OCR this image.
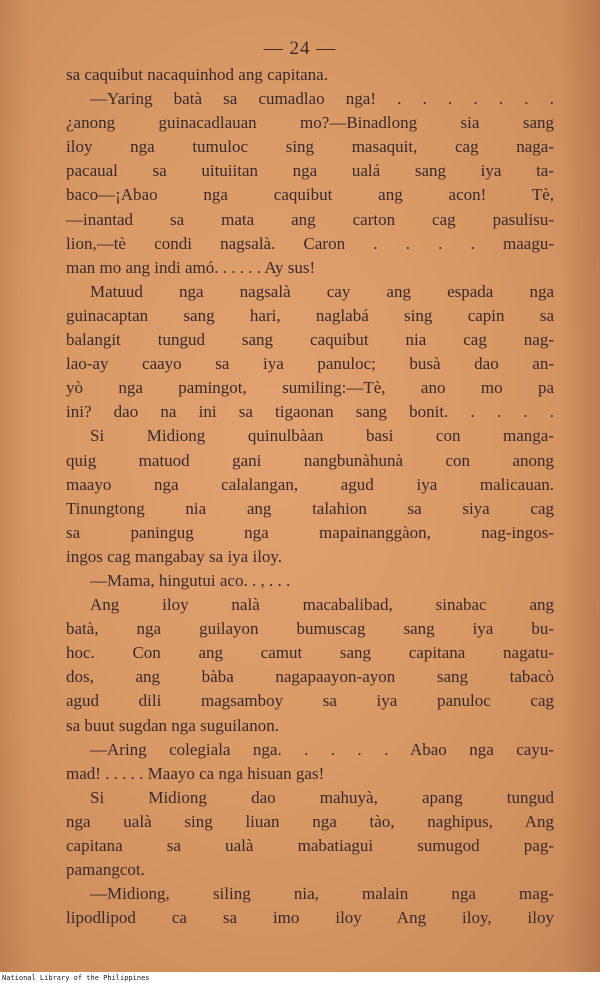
— 24 —
sa caquibut nacaquinhod ang capitana.
—Yaring batà sa cumadlao nga! . . . . . . .
¿anong guinacadlauan mo?—Binadlong sia sang
iloy nga tumuloc sing masaquit, cag naga-
pacaual sa uituiitan nga ualá sang iya ta-
baco—¡Abao nga caquibut ang acon! Tè,
—inantad sa mata ang carton cag pasulisu-
lion,—tè condi nagsalà. Caron . . . . maagu-
man mo ang indi amó. . . . . . Ay sus!
Matuud nga nagsalà cay ang espada nga
guinacaptan sang hari, naglabá sing capin sa
balangit tungud sang caquibut nia cag nag-
lao-ay caayo sa iya panuloc; busà dao an-
yò nga pamingot, sumiling:—Tè, ano mo pa
ini? dao na ini sa tigaonan sang bonit. . . . .
Si Midiong quinulbàan basi con manga-
quig matuod gani nangbunàhunà con anong
maayo nga calalangan, agud iya malicauan.
Tinungtong nia ang talahion sa siya cag
sa paningug nga mapainanggàon, nag-ingos-
ingos cag mangabay sa iya iloy.
—Mama, hingutui aco. . , . . .
Ang iloy nalà macabalibad, sinabac ang
batà, nga guilayon bumuscag sang iya bu-
hoc. Con ang camut sang capitana nagatu-
dos, ang bàba nagapaayon-ayon sang tabacò
agud dili magsamboy sa iya panuloc cag
sa buut sugdan nga suguilanon.
—Aring colegiala nga. . . . . Abao nga cayu-
mad! . . . . . Maayo ca nga hisuan gas!
Si Midiong dao mahuyà, apang tungud
nga ualà sing liuan nga tào, naghipus, Ang
capitana sa ualà mabatiagui sumugod pag-
pamangcot.
—Midiong, siling nia, malain nga mag-
lipodlipod ca sa imo iloy Ang iloy, iloy
National Library of the Philippines
